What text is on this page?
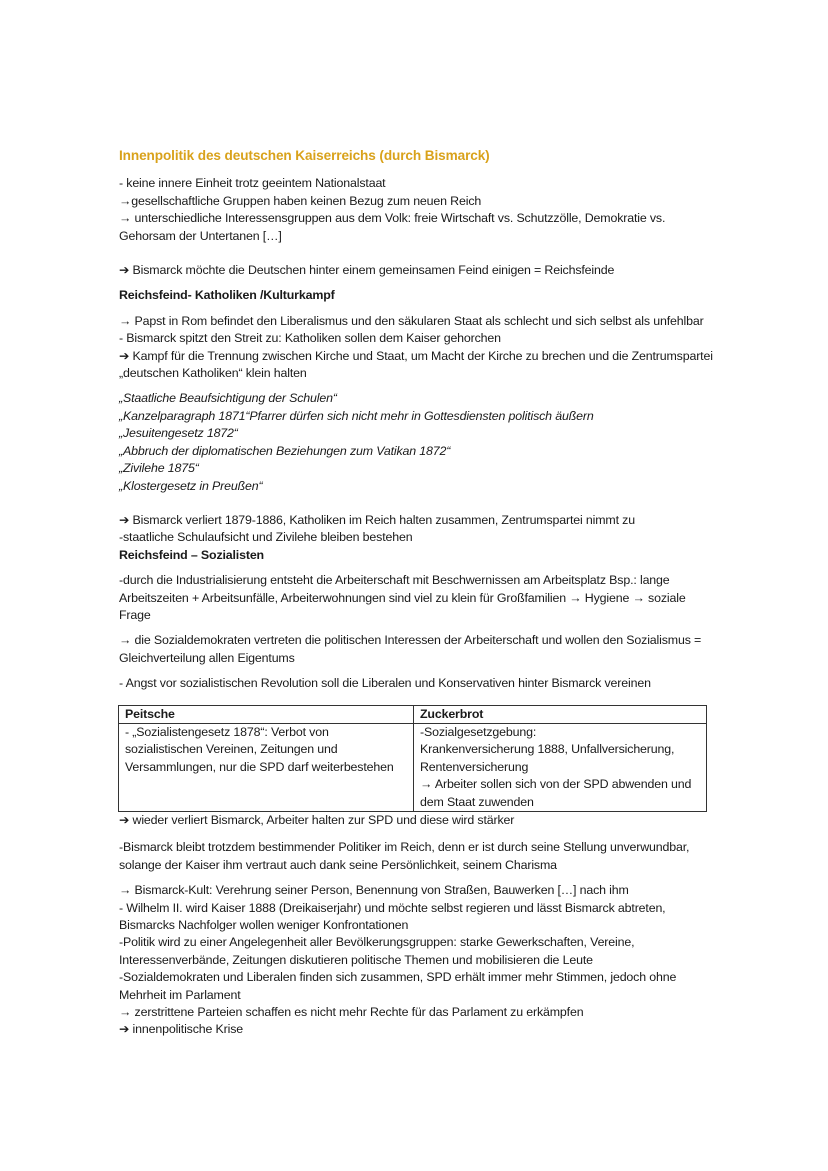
Innenpolitik des deutschen Kaiserreichs (durch Bismarck)

- keine innere Einheit trotz geeintem Nationalstaat

→gesellschaftliche Gruppen haben keinen Bezug zum neuen Reich

→ unterschiedliche Interessensgruppen aus dem Volk: freie Wirtschaft vs. Schutzzölle, Demokratie vs. Gehorsam der Untertanen […]

➔ Bismarck möchte die Deutschen hinter einem gemeinsamen Feind einigen = Reichsfeinde

Reichsfeind- Katholiken /Kulturkampf

→ Papst in Rom befindet den Liberalismus und den säkularen Staat als schlecht und sich selbst als unfehlbar

- Bismarck spitzt den Streit zu: Katholiken sollen dem Kaiser gehorchen

➔ Kampf für die Trennung zwischen Kirche und Staat, um Macht der Kirche zu brechen und die Zentrumspartei „deutschen Katholiken“ klein halten

„Staatliche Beaufsichtigung der Schulen“

„Kanzelparagraph 1871“Pfarrer dürfen sich nicht mehr in Gottesdiensten politisch äußern

„Jesuitengesetz 1872“

„Abbruch der diplomatischen Beziehungen zum Vatikan 1872“

„Zivilehe 1875“

„Klostergesetz in Preußen“

➔ Bismarck verliert 1879-1886, Katholiken im Reich halten zusammen, Zentrumspartei nimmt zu

-staatliche Schulaufsicht und Zivilehe bleiben bestehen

Reichsfeind – Sozialisten

-durch die Industrialisierung entsteht die Arbeiterschaft mit Beschwernissen am Arbeitsplatz Bsp.: lange Arbeitszeiten + Arbeitsunfälle, Arbeiterwohnungen sind viel zu klein für Großfamilien → Hygiene → soziale Frage

→ die Sozialdemokraten vertreten die politischen Interessen der Arbeiterschaft und wollen den Sozialismus = Gleichverteilung allen Eigentums

- Angst vor sozialistischen Revolution soll die Liberalen und Konservativen hinter Bismarck vereinen

Peitsche	Zuckerbrot
- „Sozialistengesetz 1878“: Verbot von sozialistischen Vereinen, Zeitungen und Versammlungen, nur die SPD darf weiterbestehen	-Sozialgesetzgebung:
Krankenversicherung 1888, Unfallversicherung, Rentenversicherung
→ Arbeiter sollen sich von der SPD abwenden und dem Staat zuwenden

➔ wieder verliert Bismarck, Arbeiter halten zur SPD und diese wird stärker

-Bismarck bleibt trotzdem bestimmender Politiker im Reich, denn er ist durch seine Stellung unverwundbar, solange der Kaiser ihm vertraut auch dank seine Persönlichkeit, seinem Charisma

→ Bismarck-Kult: Verehrung seiner Person, Benennung von Straßen, Bauwerken […] nach ihm

- Wilhelm II. wird Kaiser 1888 (Dreikaiserjahr) und möchte selbst regieren und lässt Bismarck abtreten, Bismarcks Nachfolger wollen weniger Konfrontationen

-Politik wird zu einer Angelegenheit aller Bevölkerungsgruppen: starke Gewerkschaften, Vereine, Interessenverbände, Zeitungen diskutieren politische Themen und mobilisieren die Leute

-Sozialdemokraten und Liberalen finden sich zusammen, SPD erhält immer mehr Stimmen, jedoch ohne Mehrheit im Parlament

→ zerstrittene Parteien schaffen es nicht mehr Rechte für das Parlament zu erkämpfen

➔ innenpolitische Krise
